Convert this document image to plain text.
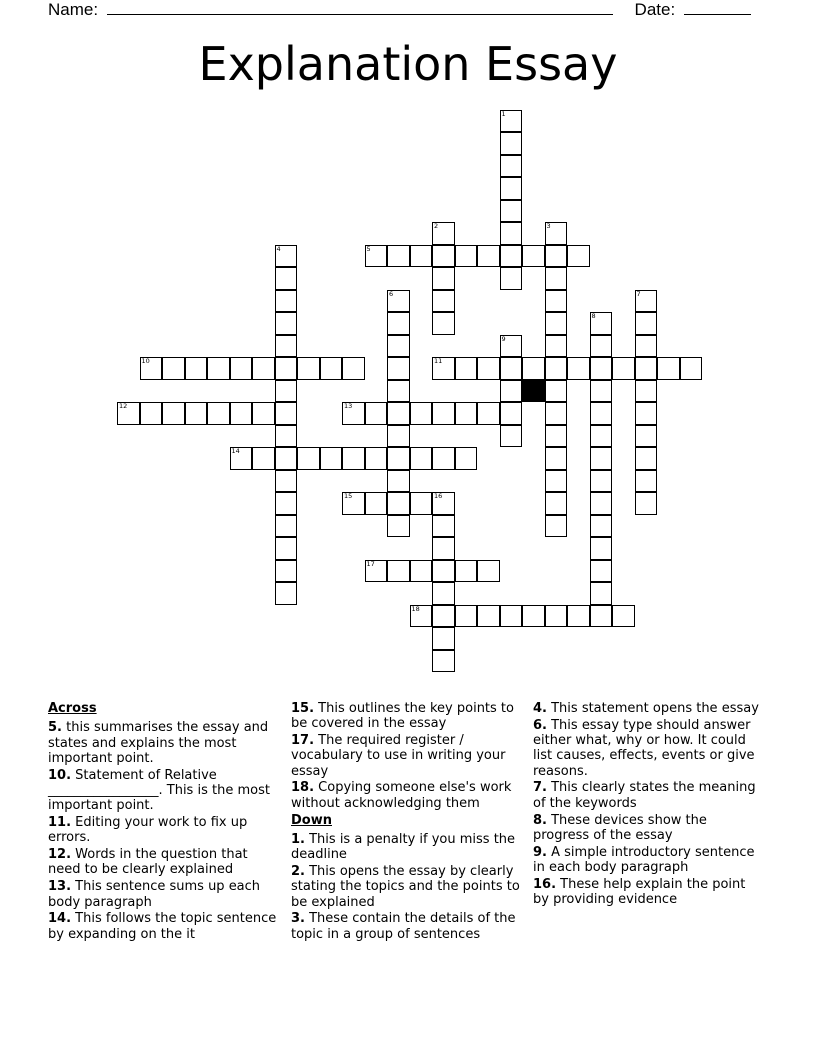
Name:	Date:
Explanation Essay
1
2	3
4	5
6	7
8
9
10	11
12	13
14
15	16
17
18
Across
5. this summarises the essay and states and explains the most important point.
10. Statement of Relative _________________. This is the most important point.
11. Editing your work to fix up errors.
12. Words in the question that need to be clearly explained
13. This sentence sums up each body paragraph
14. This follows the topic sentence by expanding on the it
15. This outlines the key points to be covered in the essay
17. The required register / vocabulary to use in writing your essay
18. Copying someone else's work without acknowledging them
Down
1. This is a penalty if you miss the deadline
2. This opens the essay by clearly stating the topics and the points to be explained
3. These contain the details of the topic in a group of sentences
4. This statement opens the essay
6. This essay type should answer either what, why or how. It could list causes, effects, events or give reasons.
7. This clearly states the meaning of the keywords
8. These devices show the progress of the essay
9. A simple introductory sentence in each body paragraph
16. These help explain the point by providing evidence
